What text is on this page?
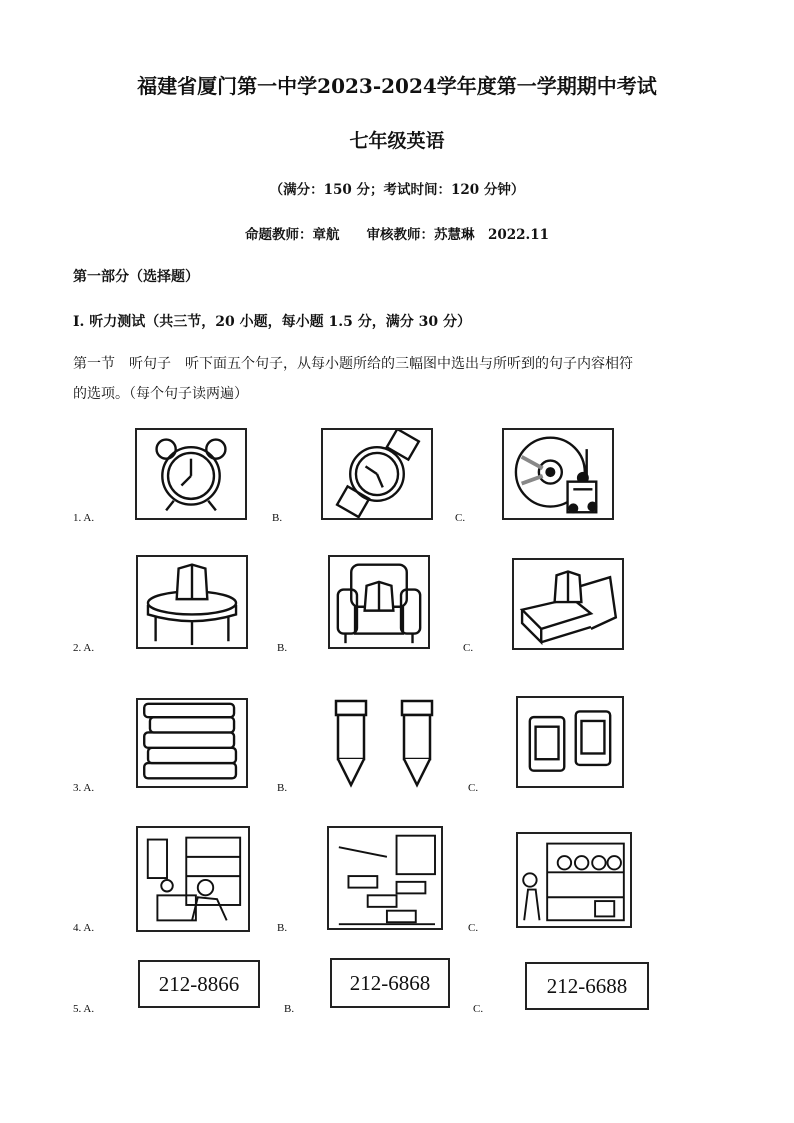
福建省厦门第一中学2023-2024学年度第一学期期中考试
七年级英语
（满分：150 分；考试时间：120 分钟）
命题教师：章航　　审核教师：苏慧琳　2022.11
第一部分（选择题）
Ⅰ. 听力测试（共三节，20 小题，每小题 1.5 分，满分 30 分）
第一节　听句子　听下面五个句子，从每小题所给的三幅图中选出与所听到的句子内容相符
的选项。（每个句子读两遍）
1. A.	B.	C.
2. A.	B.	C.
3. A.	B.	C.
4. A.	B.	C.
5. A.
212-8866
B.
212-6868
C.
212-6688
